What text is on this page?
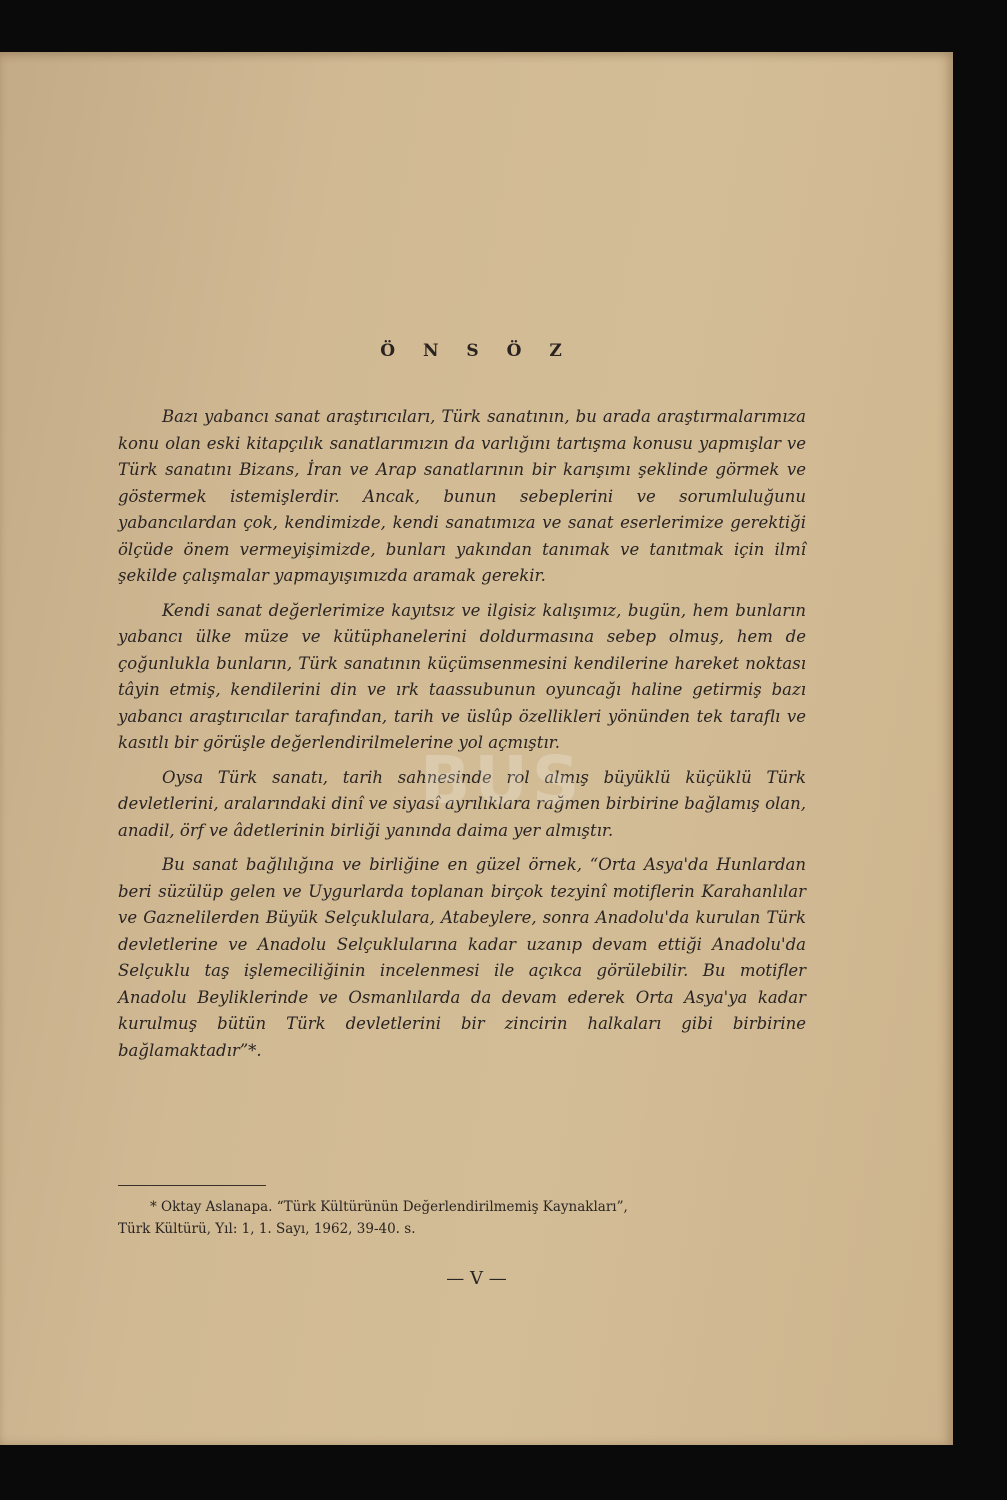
Ö N S Ö Z

Bazı yabancı sanat araştırıcıları, Türk sanatının, bu arada araştırmalarımıza konu olan eski kitapçılık sanatlarımızın da varlığını tartışma konusu yapmışlar ve Türk sanatını Bizans, İran ve Arap sanatlarının bir karışımı şeklinde görmek ve göstermek istemişlerdir. Ancak, bunun sebeplerini ve sorumluluğunu yabancılardan çok, kendimizde, kendi sanatımıza ve sanat eserlerimize gerektiği ölçüde önem vermeyişimizde, bunları yakından tanımak ve tanıtmak için ilmî şekilde çalışmalar yapmayışımızda aramak gerekir.

Kendi sanat değerlerimize kayıtsız ve ilgisiz kalışımız, bugün, hem bunların yabancı ülke müze ve kütüphanelerini doldurmasına sebep olmuş, hem de çoğunlukla bunların, Türk sanatının küçümsenmesini kendilerine hareket noktası tâyin etmiş, kendilerini din ve ırk taassubunun oyuncağı haline getirmiş bazı yabancı araştırıcılar tarafından, tarih ve üslûp özellikleri yönünden tek taraflı ve kasıtlı bir görüşle değerlendirilmelerine yol açmıştır.

Oysa Türk sanatı, tarih sahnesinde rol almış büyüklü küçüklü Türk devletlerini, aralarındaki dinî ve siyasî ayrılıklara rağmen birbirine bağlamış olan, anadil, örf ve âdetlerinin birliği yanında daima yer almıştır.

Bu sanat bağlılığına ve birliğine en güzel örnek, “Orta Asya'da Hunlardan beri süzülüp gelen ve Uygurlarda toplanan birçok tezyinî motiflerin Karahanlılar ve Gaznelilerden Büyük Selçuklulara, Atabeylere, sonra Anadolu'da kurulan Türk devletlerine ve Anadolu Selçuklularına kadar uzanıp devam ettiği Anadolu'da Selçuklu taş işlemeciliğinin incelenmesi ile açıkca görülebilir. Bu motifler Anadolu Beyliklerinde ve Osmanlılarda da devam ederek Orta Asya'ya kadar kurulmuş bütün Türk devletlerini bir zincirin halkaları gibi birbirine bağlamaktadır”*.

BUS
* Oktay Aslanapa. “Türk Kültürünün Değerlendirilmemiş Kaynakları”,
Türk Kültürü, Yıl: 1, 1. Sayı, 1962, 39-40. s.
— V —
